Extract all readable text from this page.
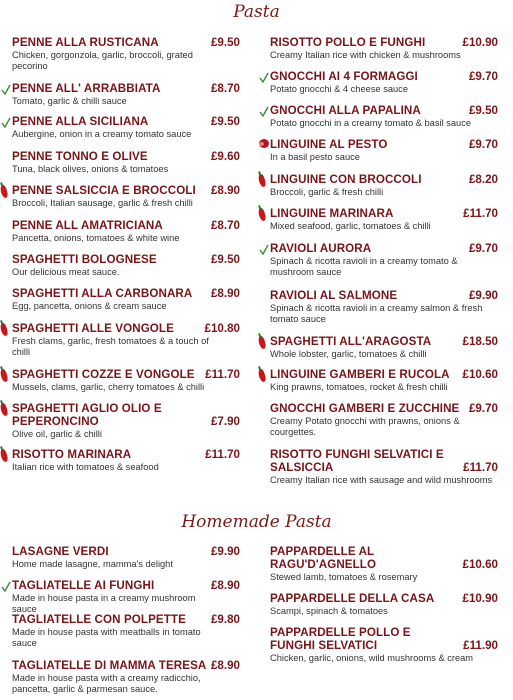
Pasta
Homemade Pasta
PENNE ALLA RUSTICANA	£9.50
Chicken, gorgonzola, garlic, broccoli, grated pecorino
PENNE ALL' ARRABBIATA	£8.70
Tomato, garlic & chilli sauce
PENNE ALLA SICILIANA	£9.50
Aubergine, onion in a creamy tomato sauce
PENNE TONNO E OLIVE	£9.60
Tuna, black olives, onions & tomatoes
PENNE SALSICCIA E BROCCOLI £8.90
Broccoli, Italian sausage, garlic & fresh chilli
PENNE ALL AMATRICIANA	£8.70
Pancetta, onions, tomatoes & white wine
SPAGHETTI BOLOGNESE	£9.50
Our delicious meat sauce.
SPAGHETTI ALLA CARBONARA £8.90
Egg, pancetta, onions & cream sauce
SPAGHETTI ALLE VONGOLE	£10.80
Fresh clams, garlic, fresh tomatoes & a touch of chilli
SPAGHETTI COZZE E VONGOLE £11.70
Mussels, clams, garlic, cherry tomatoes & chilli
SPAGHETTI AGLIO OLIO E PEPERONCINO	£7.90
Olive oil, garlic & chilli
RISOTTO MARINARA	£11.70
Italian rice with tomatoes & seafood
RISOTTO POLLO E FUNGHI	£10.90
Creamy Italian rice with chicken & mushrooms
GNOCCHI AI 4 FORMAGGI	£9.70
Potato gnocchi & 4 cheese sauce
GNOCCHI ALLA PAPALINA	£9.50
Potato gnocchi in a creamy tomato & basil sauce
LINGUINE AL PESTO	£9.70
In a basil pesto sauce
LINGUINE CON BROCCOLI	£8.20
Broccoli, garlic & fresh chilli
LINGUINE MARINARA	£11.70
Mixed seafood, garlic, tomatoes & chilli
RAVIOLI AURORA	£9.70
Spinach & ricotta ravioli in a creamy tomato & mushroom sauce
RAVIOLI AL SALMONE	£9.90
Spinach & ricotta ravioli in a creamy salmon & fresh tomato sauce
SPAGHETTI ALL'ARAGOSTA	£18.50
Whole lobster, garlic, tomatoes & chilli
LINGUINE GAMBERI E RUCOLA £10.60
King prawns, tomatoes, rocket & fresh chilli
GNOCCHI GAMBERI E ZUCCHINE £9.70
Creamy Potato gnocchi with prawns, onions & courgettes.
RISOTTO FUNGHI SELVATICI E SALSICCIA	£11.70
Creamy Italian rice with sausage and wild mushrooms
LASAGNE VERDI	£9.90
Home made lasagne, mamma's delight
TAGLIATELLE AI FUNGHI	£8.90
Made in house pasta in a creamy mushroom sauce
TAGLIATELLE CON POLPETTE £9.80
Made in house pasta with meatballs in tomato sauce
TAGLIATELLE DI MAMMA TERESA £8.90
Made in house pasta with a creamy radicchio, pancetta, garlic & parmesan sauce.
PAPPARDELLE AL RAGU'D'AGNELLO	£10.60
Stewed lamb, tomatoes & rosemary
PAPPARDELLE DELLA CASA £10.90
Scampi, spinach & tomatoes
PAPPARDELLE POLLO E FUNGHI SELVATICI	£11.90
Chicken, garlic, onions, wild mushrooms & cream
